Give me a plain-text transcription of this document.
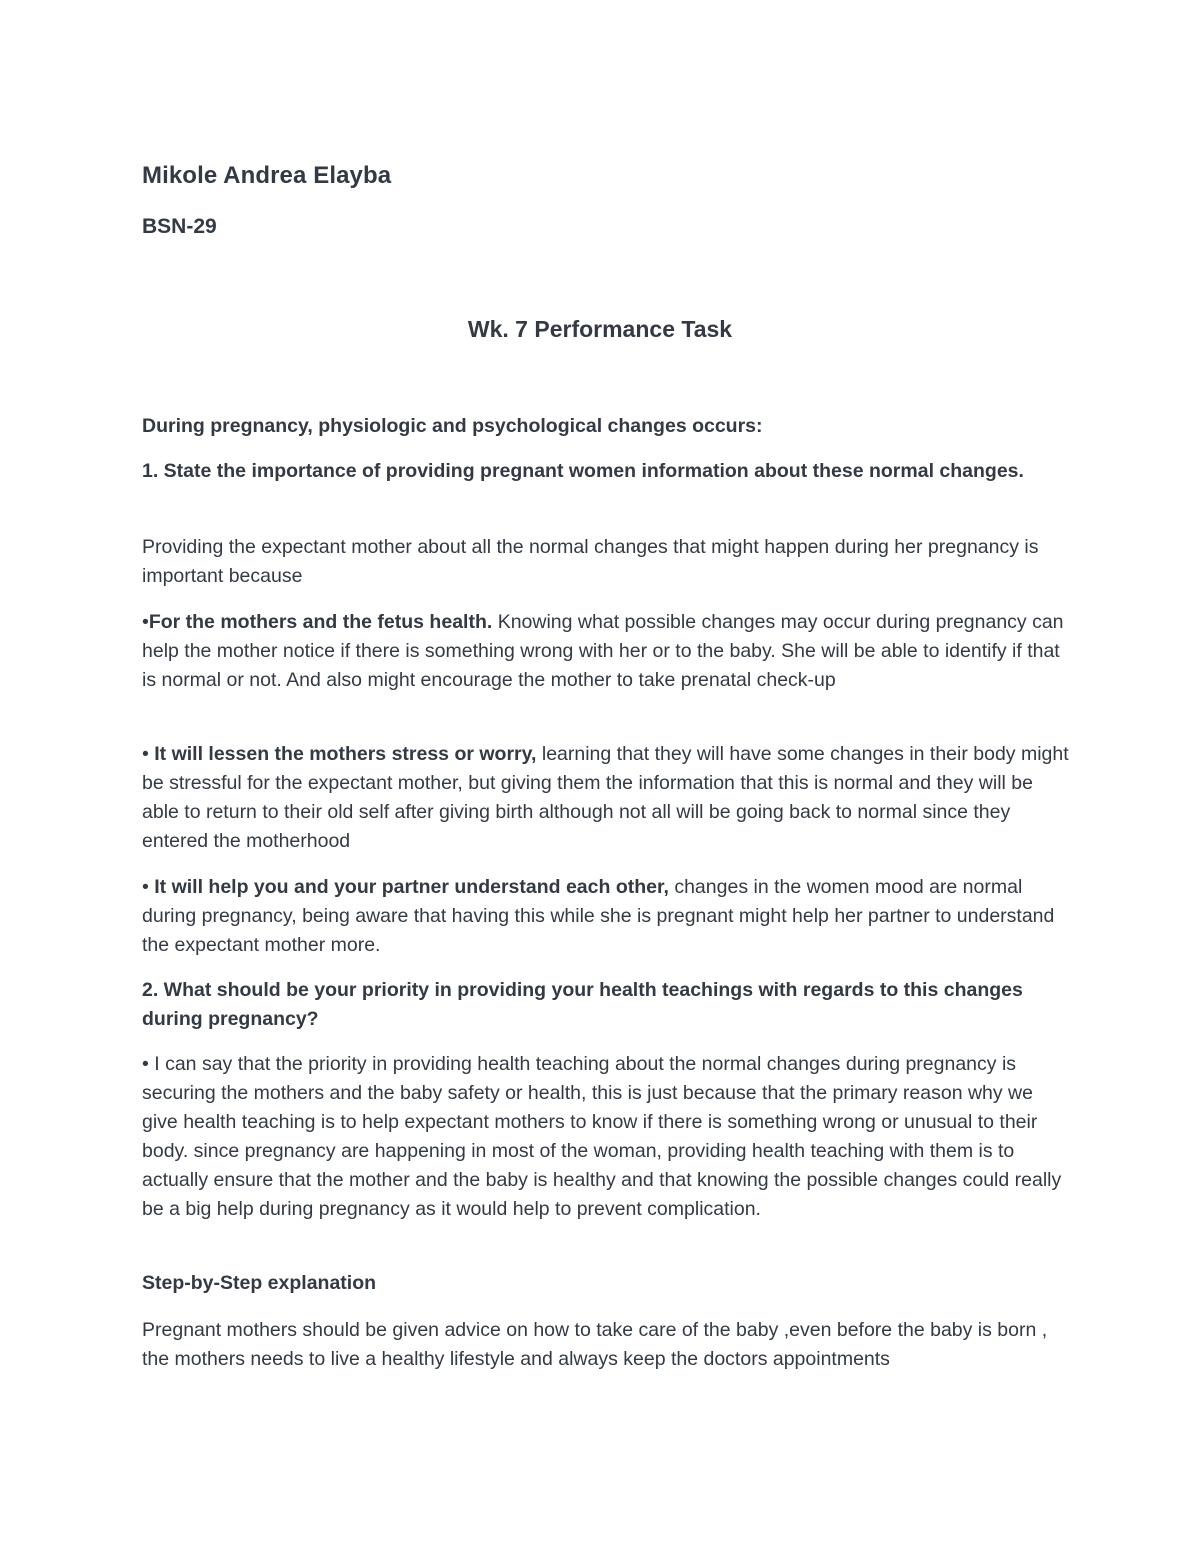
Mikole Andrea Elayba
BSN-29
Wk. 7 Performance Task
During pregnancy, physiologic and psychological changes occurs:
1. State the importance of providing pregnant women information about these normal changes.
Providing the expectant mother about all the normal changes that might happen during her pregnancy is important because
•For the mothers and the fetus health. Knowing what possible changes may occur during pregnancy can help the mother notice if there is something wrong with her or to the baby. She will be able to identify if that is normal or not. And also might encourage the mother to take prenatal check-up
• It will lessen the mothers stress or worry, learning that they will have some changes in their body might be stressful for the expectant mother, but giving them the information that this is normal and they will be able to return to their old self after giving birth although not all will be going back to normal since they entered the motherhood
• It will help you and your partner understand each other, changes in the women mood are normal during pregnancy, being aware that having this while she is pregnant might help her partner to understand the expectant mother more.
2. What should be your priority in providing your health teachings with regards to this changes during pregnancy?
• I can say that the priority in providing health teaching about the normal changes during pregnancy is securing the mothers and the baby safety or health, this is just because that the primary reason why we give health teaching is to help expectant mothers to know if there is something wrong or unusual to their body. since pregnancy are happening in most of the woman, providing health teaching with them is to actually ensure that the mother and the baby is healthy and that knowing the possible changes could really be a big help during pregnancy as it would help to prevent complication.
Step-by-Step explanation
Pregnant mothers should be given advice on how to take care of the baby ,even before the baby is born , the mothers needs to live a healthy lifestyle and always keep the doctors appointments
